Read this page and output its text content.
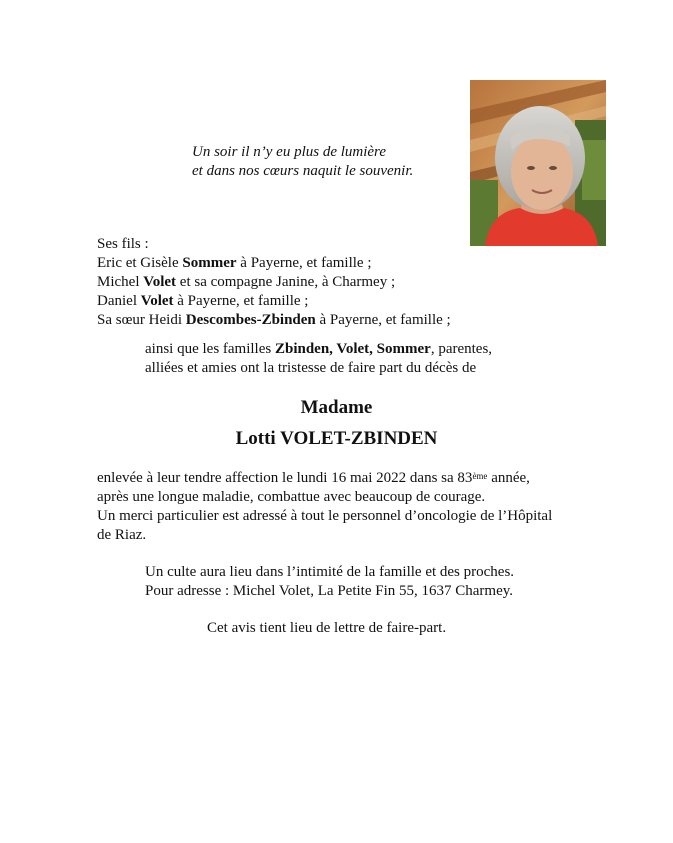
Un soir il n’y eu plus de lumière
et dans nos cœurs naquit le souvenir.
Ses fils :
Eric et Gisèle Sommer à Payerne, et famille ;
Michel Volet et sa compagne Janine, à Charmey ;
Daniel Volet à Payerne, et famille ;
Sa sœur Heidi Descombes-Zbinden à Payerne, et famille ;
ainsi que les familles Zbinden, Volet, Sommer, parentes,
alliées et amies ont la tristesse de faire part du décès de
Madame
Lotti VOLET-ZBINDEN
enlevée à leur tendre affection le lundi 16 mai 2022 dans sa 83ème année,
après une longue maladie, combattue avec beaucoup de courage.
Un merci particulier est adressé à tout le personnel d’oncologie de l’Hôpital
de Riaz.
Un culte aura lieu dans l’intimité de la famille et des proches.
Pour adresse : Michel Volet, La Petite Fin 55, 1637 Charmey.
Cet avis tient lieu de lettre de faire-part.
